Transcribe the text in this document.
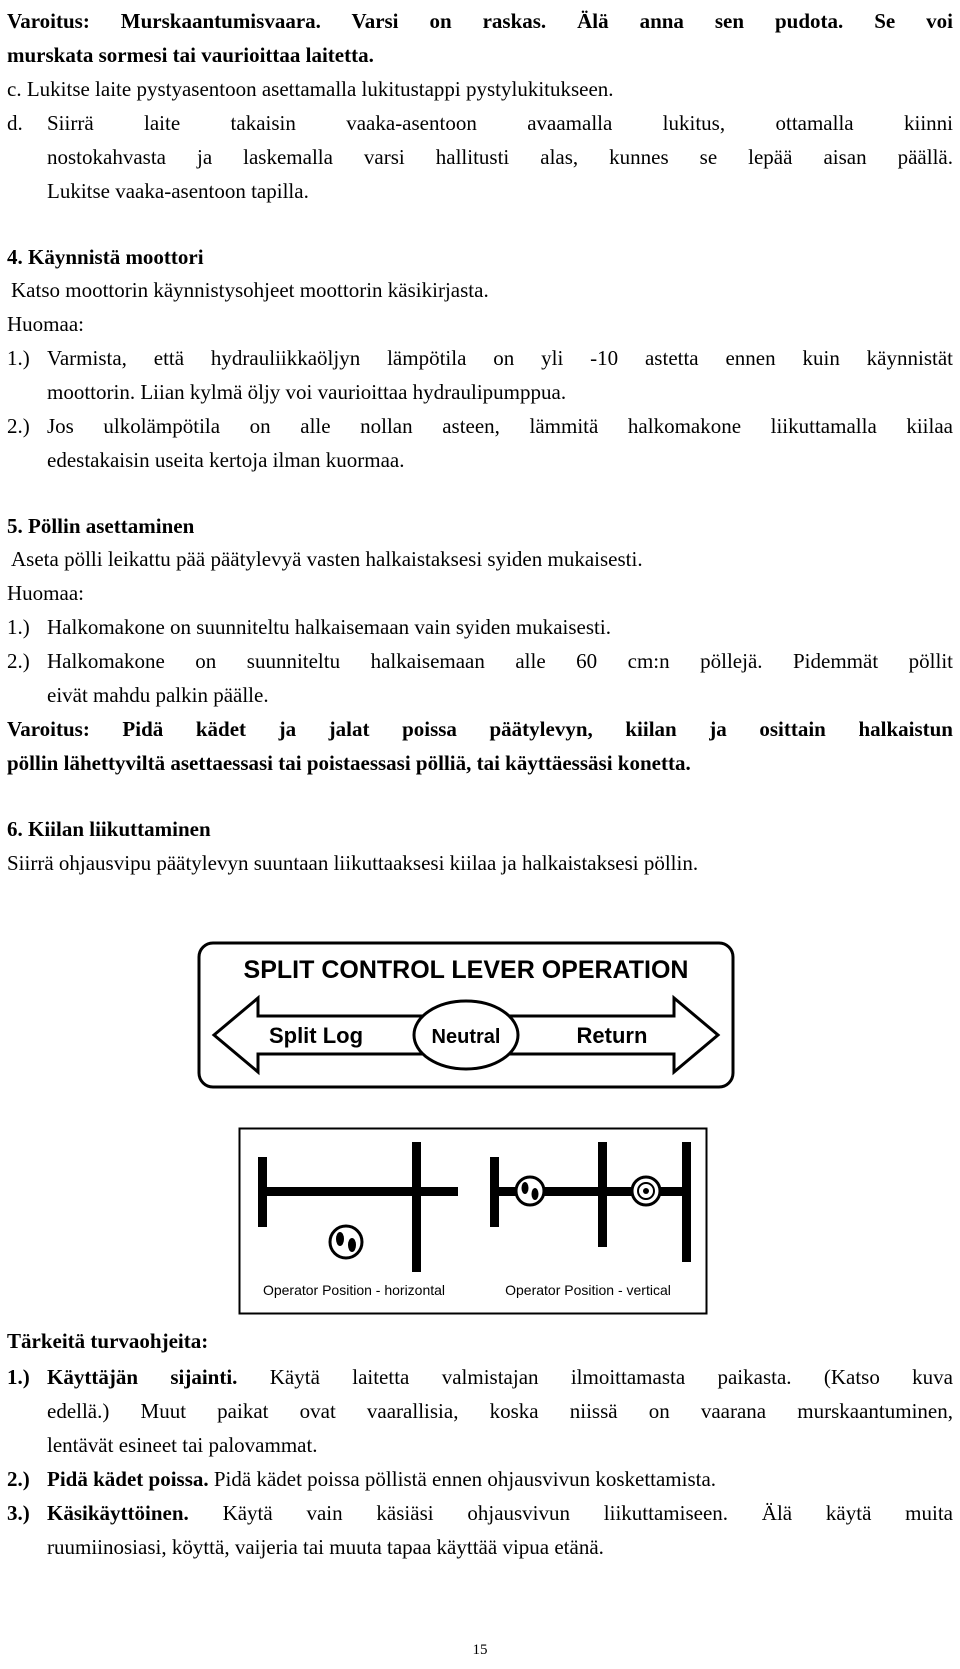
Varoitus: Murskaantumisvaara. Varsi on raskas. Älä anna sen pudota. Se voi
murskata sormesi tai vaurioittaa laitetta.
c. Lukitse laite pystyasentoon asettamalla lukitustappi pystylukitukseen.
d. Siirrä laite takaisin vaaka-asentoon avaamalla lukitus, ottamalla kiinni
nostokahvasta ja laskemalla varsi hallitusti alas, kunnes se lepää aisan päällä.
Lukitse vaaka-asentoon tapilla.
4. Käynnistä moottori
Katso moottorin käynnistysohjeet moottorin käsikirjasta.
Huomaa:
1.) Varmista, että hydrauliikkaöljyn lämpötila on yli -10 astetta ennen kuin käynnistät
moottorin. Liian kylmä öljy voi vaurioittaa hydraulipumppua.
2.) Jos ulkolämpötila on alle nollan asteen, lämmitä halkomakone liikuttamalla kiilaa
edestakaisin useita kertoja ilman kuormaa.
5. Pöllin asettaminen
Aseta pölli leikattu pää päätylevyä vasten halkaistaksesi syiden mukaisesti.
Huomaa:
1.) Halkomakone on suunniteltu halkaisemaan vain syiden mukaisesti.
2.) Halkomakone on suunniteltu halkaisemaan alle 60 cm:n pöllejä. Pidemmät pöllit
eivät mahdu palkin päälle.
Varoitus: Pidä kädet ja jalat poissa päätylevyn, kiilan ja osittain halkaistun
pöllin lähettyviltä asettaessasi tai poistaessasi pölliä, tai käyttäessäsi konetta.
6. Kiilan liikuttaminen
Siirrä ohjausvipu päätylevyn suuntaan liikuttaaksesi kiilaa ja halkaistaksesi pöllin.
SPLIT CONTROL LEVER OPERATION
Split Log	Neutral	Return
Operator Position - horizontal	Operator Position - vertical
Tärkeitä turvaohjeita:
1.) Käyttäjän sijainti. Käytä laitetta valmistajan ilmoittamasta paikasta. (Katso kuva
edellä.) Muut paikat ovat vaarallisia, koska niissä on vaarana murskaantuminen,
lentävät esineet tai palovammat.
2.) Pidä kädet poissa. Pidä kädet poissa pöllistä ennen ohjausvivun koskettamista.
3.) Käsikäyttöinen. Käytä vain käsiäsi ohjausvivun liikuttamiseen. Älä käytä muita
ruumiinosiasi, köyttä, vaijeria tai muuta tapaa käyttää vipua etänä.
15
